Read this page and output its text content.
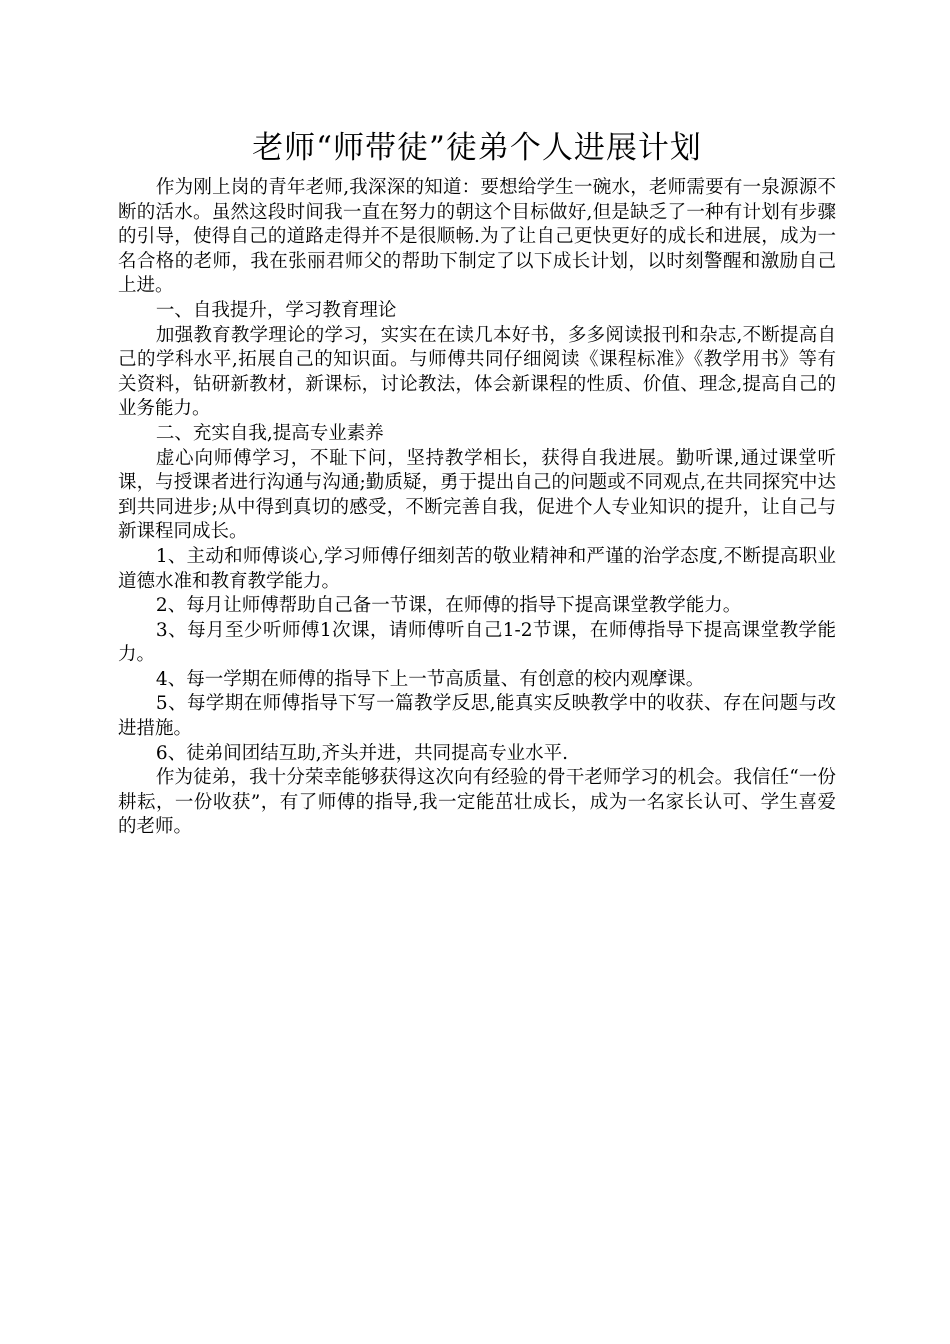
老师“师带徒”徒弟个人进展计划

作为刚上岗的青年老师,我深深的知道：要想给学生一碗水，老师需要有一泉源源不断的活水。虽然这段时间我一直在努力的朝这个目标做好,但是缺乏了一种有计划有步骤的引导，使得自己的道路走得并不是很顺畅.为了让自己更快更好的成长和进展，成为一名合格的老师，我在张丽君师父的帮助下制定了以下成长计划，以时刻警醒和激励自己上进。

一、自我提升，学习教育理论

加强教育教学理论的学习，实实在在读几本好书，多多阅读报刊和杂志,不断提高自己的学科水平,拓展自己的知识面。与师傅共同仔细阅读《课程标准》《教学用书》等有关资料，钻研新教材，新课标，讨论教法，体会新课程的性质、价值、理念,提高自己的业务能力。

二、充实自我,提高专业素养

虚心向师傅学习，不耻下问，坚持教学相长，获得自我进展。勤听课,通过课堂听课，与授课者进行沟通与沟通;勤质疑，勇于提出自己的问题或不同观点,在共同探究中达到共同进步;从中得到真切的感受，不断完善自我，促进个人专业知识的提升，让自己与新课程同成长。

1、主动和师傅谈心,学习师傅仔细刻苦的敬业精神和严谨的治学态度,不断提高职业道德水准和教育教学能力。

2、每月让师傅帮助自己备一节课，在师傅的指导下提高课堂教学能力。

3、每月至少听师傅1次课，请师傅听自己1-2节课，在师傅指导下提高课堂教学能力。

4、每一学期在师傅的指导下上一节高质量、有创意的校内观摩课。

5、每学期在师傅指导下写一篇教学反思,能真实反映教学中的收获、存在问题与改进措施。

6、徒弟间团结互助,齐头并进，共同提高专业水平.

作为徒弟，我十分荣幸能够获得这次向有经验的骨干老师学习的机会。我信任“一份耕耘，一份收获”，有了师傅的指导,我一定能茁壮成长，成为一名家长认可、学生喜爱的老师。
